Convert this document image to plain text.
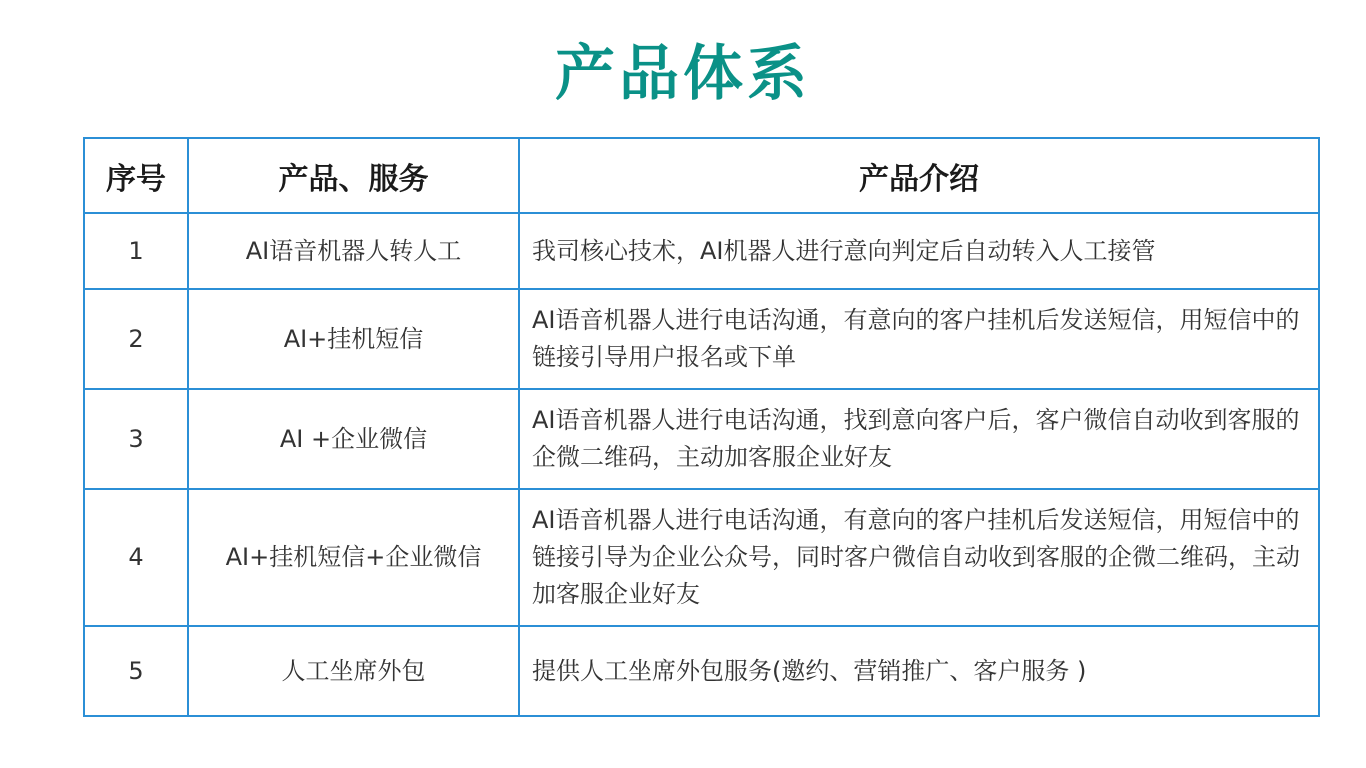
产品体系
序号	产品、服务	产品介绍
1	AI语音机器人转人工	我司核心技术，AI机器人进行意向判定后自动转入人工接管
2	AI+挂机短信	AI语音机器人进行电话沟通，有意向的客户挂机后发送短信，用短信中的链接引导用户报名或下单
3	AI +企业微信	AI语音机器人进行电话沟通，找到意向客户后，客户微信自动收到客服的企微二维码，主动加客服企业好友
4	AI+挂机短信+企业微信	AI语音机器人进行电话沟通，有意向的客户挂机后发送短信，用短信中的链接引导为企业公众号，同时客户微信自动收到客服的企微二维码，主动加客服企业好友
5	人工坐席外包	提供人工坐席外包服务(邀约、营销推广、客户服务 )
